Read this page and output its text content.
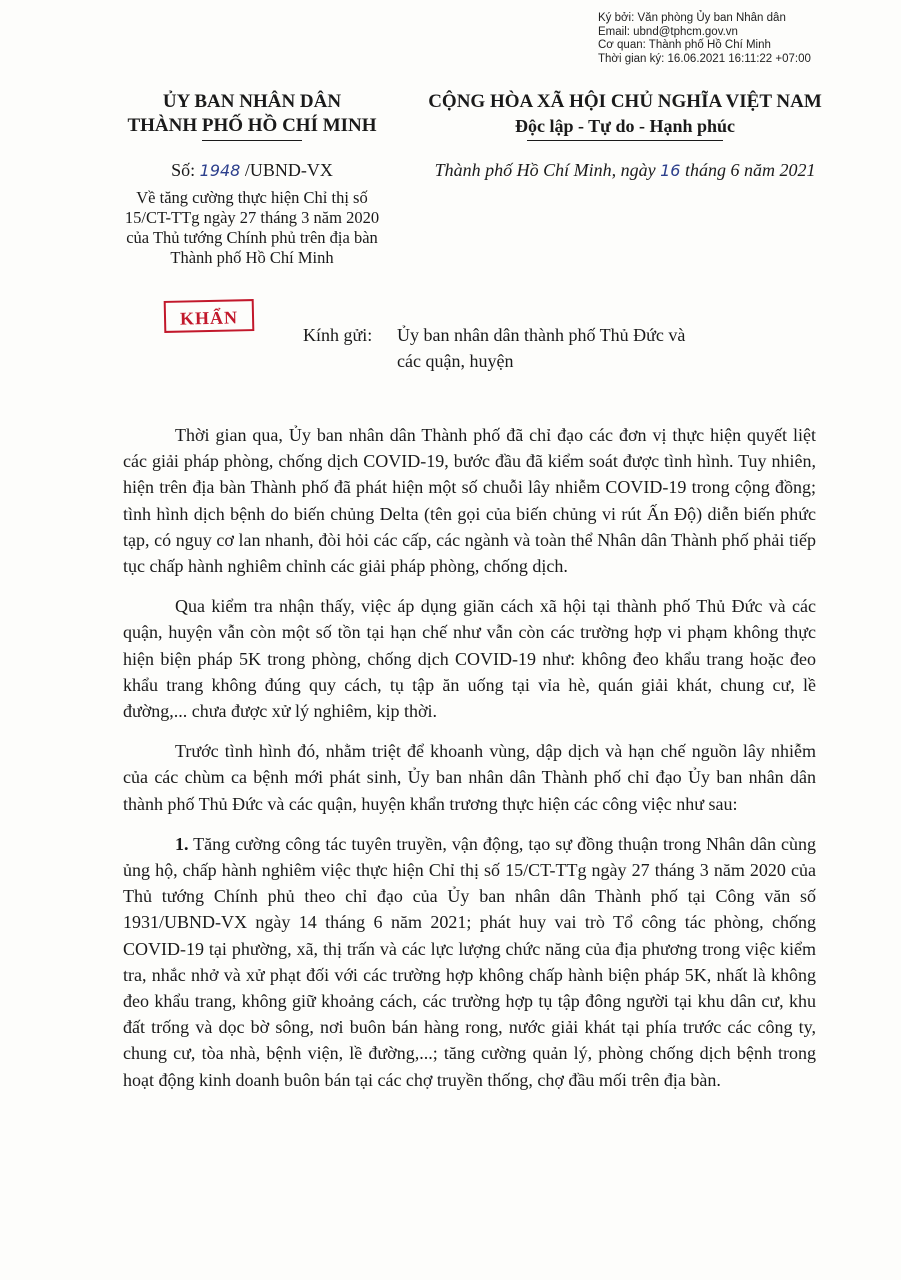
Ký bởi: Văn phòng Ủy ban Nhân dân
Email: ubnd@tphcm.gov.vn
Cơ quan: Thành phố Hồ Chí Minh
Thời gian ký: 16.06.2021 16:11:22 +07:00
ỦY BAN NHÂN DÂN
THÀNH PHỐ HỒ CHÍ MINH
CỘNG HÒA XÃ HỘI CHỦ NGHĨA VIỆT NAM
Độc lập - Tự do - Hạnh phúc
Số: 1948 /UBND-VX
Về tăng cường thực hiện Chỉ thị số
15/CT-TTg ngày 27 tháng 3 năm 2020
của Thủ tướng Chính phủ trên địa bàn
Thành phố Hồ Chí Minh
Thành phố Hồ Chí Minh, ngày 16 tháng 6 năm 2021
KHẨN
Kính gửi: Ủy ban nhân dân thành phố Thủ Đức và
các quận, huyện

Thời gian qua, Ủy ban nhân dân Thành phố đã chỉ đạo các đơn vị thực hiện quyết liệt các giải pháp phòng, chống dịch COVID-19, bước đầu đã kiểm soát được tình hình. Tuy nhiên, hiện trên địa bàn Thành phố đã phát hiện một số chuỗi lây nhiễm COVID-19 trong cộng đồng; tình hình dịch bệnh do biến chủng Delta (tên gọi của biến chủng vi rút Ấn Độ) diễn biến phức tạp, có nguy cơ lan nhanh, đòi hỏi các cấp, các ngành và toàn thể Nhân dân Thành phố phải tiếp tục chấp hành nghiêm chỉnh các giải pháp phòng, chống dịch.

Qua kiểm tra nhận thấy, việc áp dụng giãn cách xã hội tại thành phố Thủ Đức và các quận, huyện vẫn còn một số tồn tại hạn chế như vẫn còn các trường hợp vi phạm không thực hiện biện pháp 5K trong phòng, chống dịch COVID-19 như: không đeo khẩu trang hoặc đeo khẩu trang không đúng quy cách, tụ tập ăn uống tại vỉa hè, quán giải khát, chung cư, lề đường,... chưa được xử lý nghiêm, kịp thời.

Trước tình hình đó, nhằm triệt để khoanh vùng, dập dịch và hạn chế nguồn lây nhiễm của các chùm ca bệnh mới phát sinh, Ủy ban nhân dân Thành phố chỉ đạo Ủy ban nhân dân thành phố Thủ Đức và các quận, huyện khẩn trương thực hiện các công việc như sau:

1. Tăng cường công tác tuyên truyền, vận động, tạo sự đồng thuận trong Nhân dân cùng ủng hộ, chấp hành nghiêm việc thực hiện Chỉ thị số 15/CT-TTg ngày 27 tháng 3 năm 2020 của Thủ tướng Chính phủ theo chỉ đạo của Ủy ban nhân dân Thành phố tại Công văn số 1931/UBND-VX ngày 14 tháng 6 năm 2021; phát huy vai trò Tổ công tác phòng, chống COVID-19 tại phường, xã, thị trấn và các lực lượng chức năng của địa phương trong việc kiểm tra, nhắc nhở và xử phạt đối với các trường hợp không chấp hành biện pháp 5K, nhất là không đeo khẩu trang, không giữ khoảng cách, các trường hợp tụ tập đông người tại khu dân cư, khu đất trống và dọc bờ sông, nơi buôn bán hàng rong, nước giải khát tại phía trước các công ty, chung cư, tòa nhà, bệnh viện, lề đường,...; tăng cường quản lý, phòng chống dịch bệnh trong hoạt động kinh doanh buôn bán tại các chợ truyền thống, chợ đầu mối trên địa bàn.
